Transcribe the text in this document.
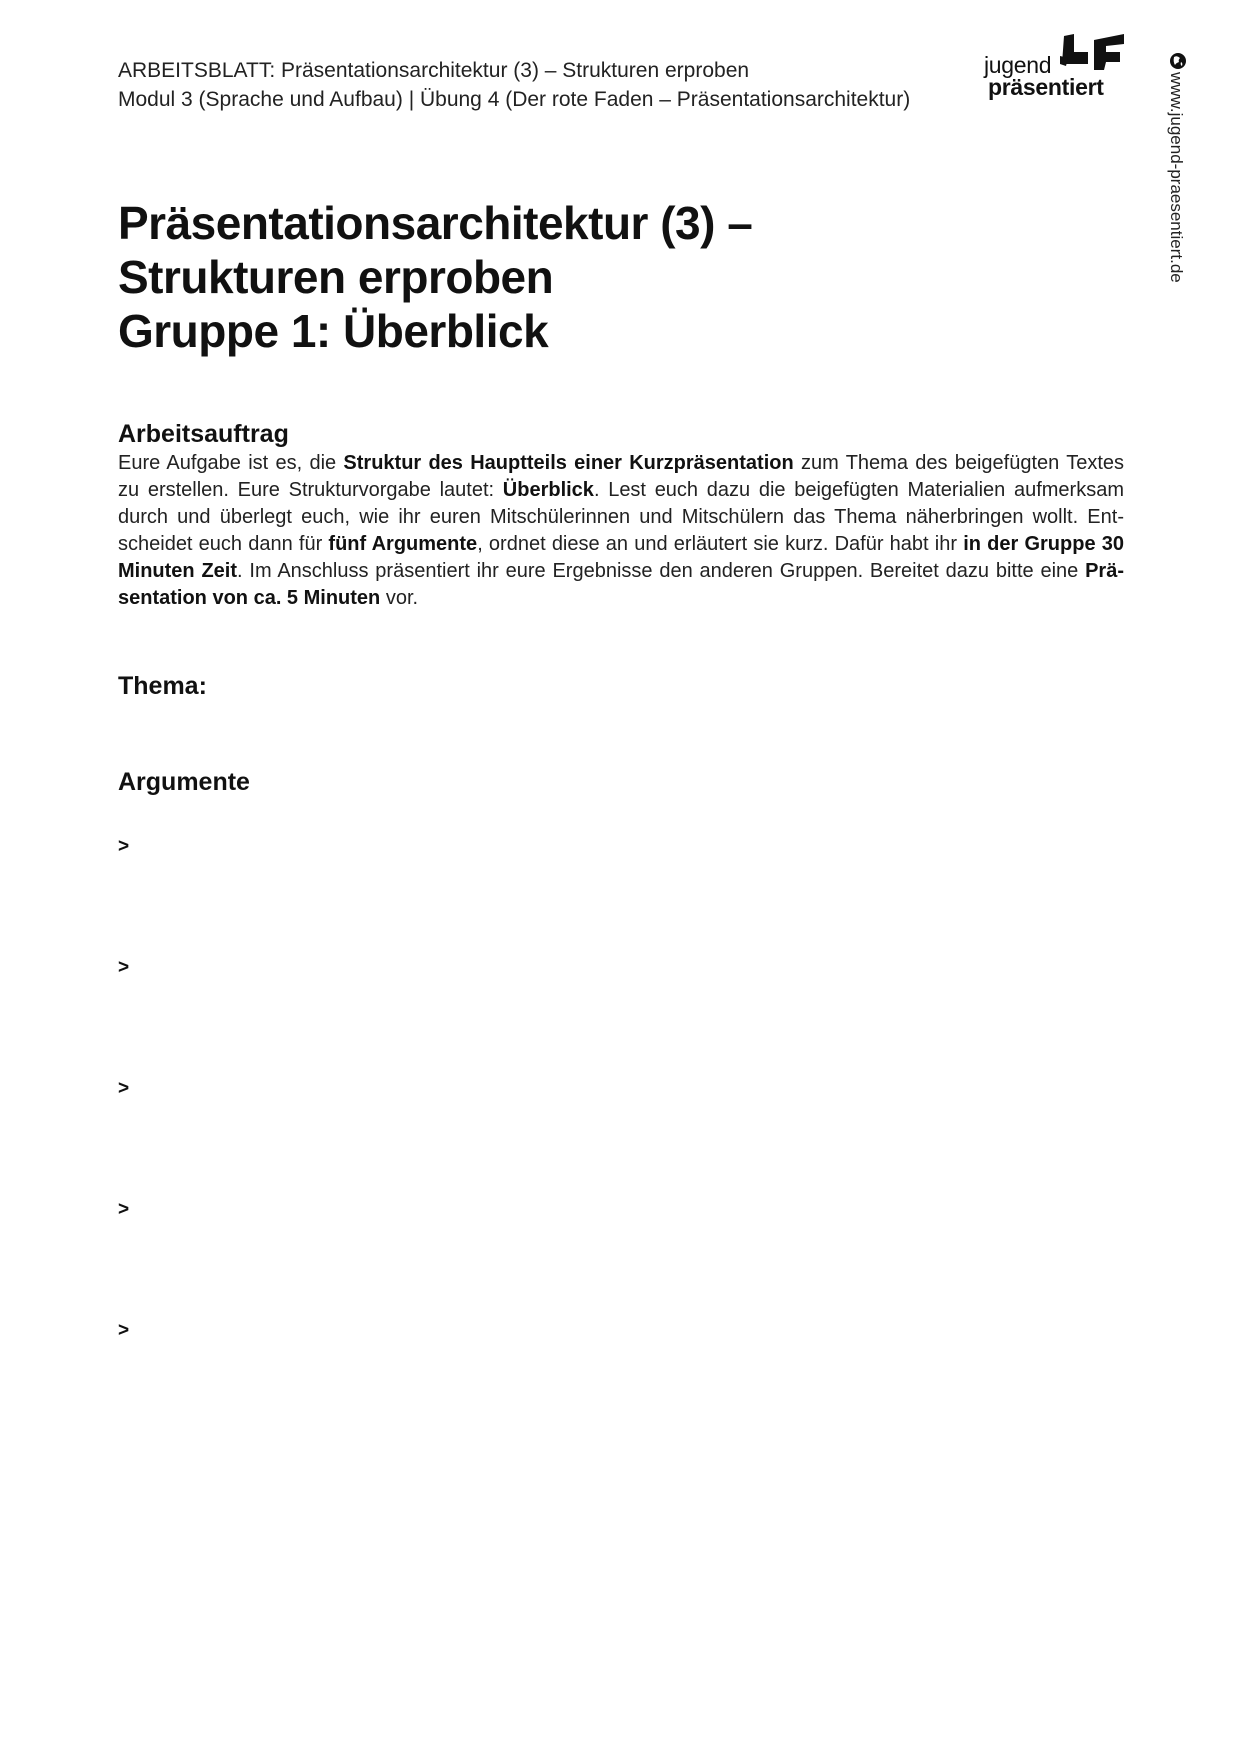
ARBEITSBLATT: Präsentationsarchitektur (3) – Strukturen erproben
Modul 3 (Sprache und Aufbau) | Übung 4 (Der rote Faden – Präsentationsarchitektur)
jugend
präsentiert	www.jugend-praesentiert.de
Präsentationsarchitektur (3) –
Strukturen erproben
Gruppe 1: Überblick
Arbeitsauftrag
Eure Aufgabe ist es, die Struktur des Hauptteils einer Kurzpräsentation zum Thema des beigefügten Textes zu erstellen. Eure Strukturvorgabe lautet: Überblick. Lest euch dazu die beigefügten Materialien aufmerksam durch und überlegt euch, wie ihr euren Mitschülerinnen und Mitschülern das Thema näherbringen wollt. Ent-scheidet euch dann für fünf Argumente, ordnet diese an und erläutert sie kurz. Dafür habt ihr in der Gruppe 30 Minuten Zeit. Im Anschluss präsentiert ihr eure Ergebnisse den anderen Gruppen. Bereitet dazu bitte eine Prä-sentation von ca. 5 Minuten vor.
Thema:
Argumente
>
>
>
>
>
